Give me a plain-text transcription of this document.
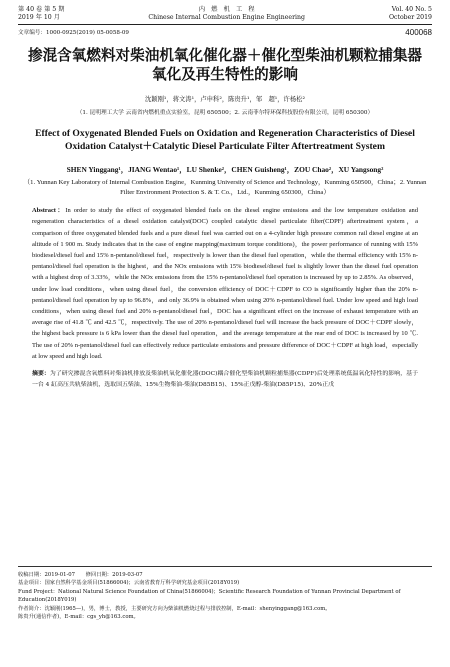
第 40 卷 第 5 期
2019 年 10 月
内　燃　机　工　程
Chinese Internal Combustion Engine Engineering
Vol. 40 No. 5
October 2019
文章编号：1000-0925(2019) 05-0058-09	400068
掺混含氧燃料对柴油机氧化催化器＋催化型柴油机颗粒捕集器氧化及再生特性的影响
沈颖刚¹，蒋文涛¹，卢申科²，陈贵升¹，邹　超¹，许杨松²
（1. 昆明理工大学 云南省内燃机重点实验室，昆明 650500；2. 云南菲尔特环保科技股份有限公司，昆明 650300）
Effect of Oxygenated Blended Fuels on Oxidation and Regeneration Characteristics of Diesel Oxidation Catalyst＋Catalytic Diesel Particulate Filter Aftertreatment System
SHEN Yinggang¹，JIANG Wentao¹，LU Shenke²，CHEN Guisheng¹，ZOU Chao²，XU Yangsong²
（1. Yunnan Key Laboratory of Internal Combustion Engine，Kunming University of Science and Technology，Kunming 650500，China；2. Yunnan Filter Environment Protection S. & T. Co.，Ltd.，Kunming 650300，China）
Abstract：In order to study the effect of oxygenated blended fuels on the diesel engine emissions and the low temperature oxidation and regeneration characteristics of a diesel oxidation catalyst(DOC) coupled catalytic diesel particulate filter(CDPF) aftertreatment system，a comparison of three oxygenated blended fuels and a pure diesel fuel was carried out on a 4-cylinder high pressure common rail diesel engine at an altitude of 1 900 m. Study indicates that in the case of engine mapping(maximum torque conditions)，the power performance of running with 15% biodiesel/diesel fuel and 15% n-pentanol/diesel fuel，respectively is lower than the diesel fuel operation，while the thermal efficiency with 15% n-pentanol/diesel fuel operation is the highest，and the NOx emissions with 15% biodiesel/diesel fuel is slightly lower than the diesel fuel operation with a highest drop of 3.33%，while the NOx emissions from the 15% n-pentanol/diesel fuel operation is increased by up to 2.85%. As observed，under low load conditions，when using diesel fuel，the conversion efficiency of DOC＋CDPF to CO is significantly higher than the 20% n-pentanol/diesel fuel operation by up to 96.8%，and only 36.9% is obtained when using 20% n-pentanol/diesel fuel. Under low speed and high load conditions，when using diesel fuel and 20% n-pentanol/diesel fuel，DOC has a significant effect on the increase of exhaust temperature with an average rise of 41.8 ℃ and 42.5 ℃，respectively. The use of 20% n-pentanol/diesel fuel will increase the back pressure of DOC＋CDPF slowly，the highest back pressure is 6 kPa lower than the diesel fuel operation，and the average temperature at the rear end of DOC is increased by 10 ℃. The use of 20% n-pentanol/diesel fuel can effectively reduce particulate emissions and pressure difference of DOC＋CDPF at high load，especially at low speed and high load.
摘要：为了研究掺混含氧燃料对柴油机排放及柴油机氧化催化器(DOC)耦合催化型柴油机颗粒捕集器(CDPF)后处理系统低温氧化特性的影响，基于一台 4 缸高压共轨柴油机，选取国五柴油、15%生物柴油-柴油(D85B15)、15%正戊醇-柴油(D85P15)、20%正戊

收稿日期：2019-01-07　　修回日期：2019-03-07

基金项目：国家自然科学基金项目(51866004)；云南省教育厅科学研究基金项目(2018Y019)

Fund Project：National Natural Science Foundation of China(51866004)；Scientific Research Foundation of Yunnan Provincial Department of Education(2018Y019)

作者简介：沈颖刚(1965—)，男，博士，教授，主要研究方向为柴油机燃烧过程与排放控制，E-mail：shenyinggang@163.com。

陈贵升(通信作者)，E-mail：cgs_yh@163.com。
